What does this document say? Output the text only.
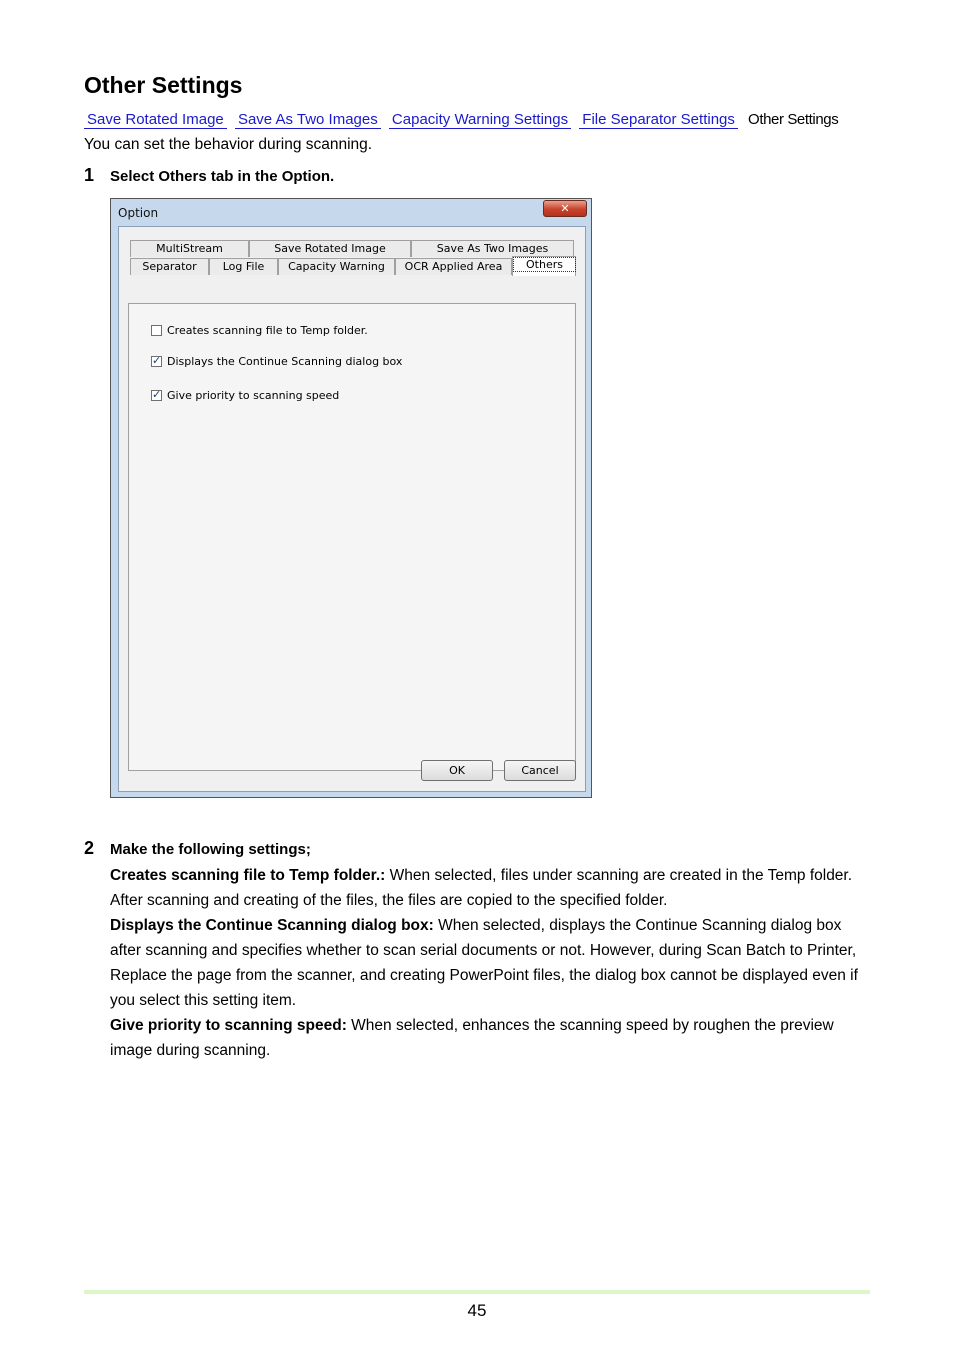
Other Settings
Save Rotated Image Save As Two Images Capacity Warning Settings File Separator Settings Other Settings
You can set the behavior during scanning.
1 Select Others tab in the Option.
Option	✕
MultiStream	Save Rotated Image	Save As Two Images
Separator	Log File	Capacity Warning	OCR Applied Area	Others
Creates scanning file to Temp folder.
✓
Displays the Continue Scanning dialog box
✓
Give priority to scanning speed
OK	Cancel
2 Make the following settings;

Creates scanning file to Temp folder.: When selected, files under scanning are created in the Temp folder. After scanning and creating of the files, the files are copied to the specified folder.

Displays the Continue Scanning dialog box: When selected, displays the Continue Scanning dialog box after scanning and specifies whether to scan serial documents or not. However, during Scan Batch to Printer, Replace the page from the scanner, and creating PowerPoint files, the dialog box cannot be displayed even if you select this setting item.

Give priority to scanning speed: When selected, enhances the scanning speed by roughen the preview image during scanning.

45
